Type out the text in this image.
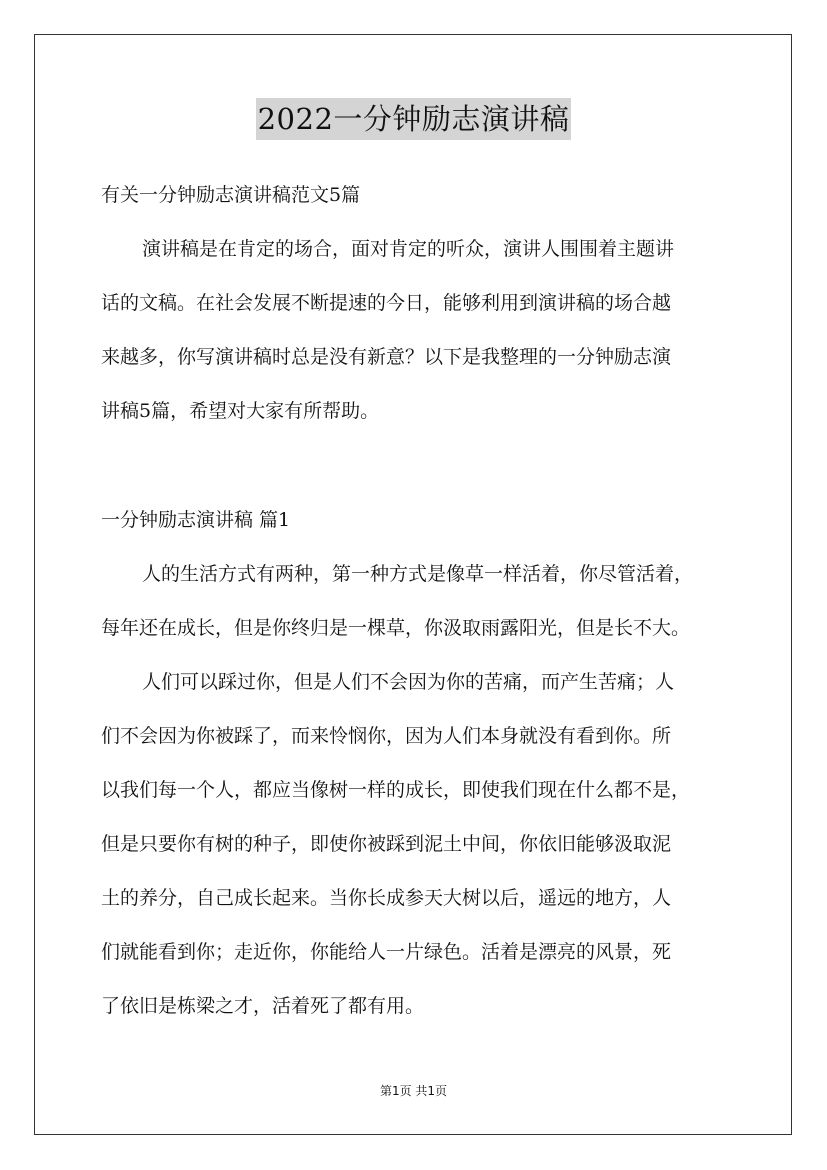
2022一分钟励志演讲稿
有关一分钟励志演讲稿范文5篇
演讲稿是在肯定的场合，面对肯定的听众，演讲人围围着主题讲
话的文稿。在社会发展不断提速的今日，能够利用到演讲稿的场合越
来越多，你写演讲稿时总是没有新意？以下是我整理的一分钟励志演
讲稿5篇，希望对大家有所帮助。
一分钟励志演讲稿 篇1
人的生活方式有两种，第一种方式是像草一样活着，你尽管活着，
每年还在成长，但是你终归是一棵草，你汲取雨露阳光，但是长不大。
人们可以踩过你，但是人们不会因为你的苦痛，而产生苦痛；人
们不会因为你被踩了，而来怜悯你，因为人们本身就没有看到你。所
以我们每一个人，都应当像树一样的成长，即使我们现在什么都不是，
但是只要你有树的种子，即使你被踩到泥土中间，你依旧能够汲取泥
土的养分，自己成长起来。当你长成参天大树以后，遥远的地方，人
们就能看到你；走近你，你能给人一片绿色。活着是漂亮的风景，死
了依旧是栋梁之才，活着死了都有用。
第1页 共1页
